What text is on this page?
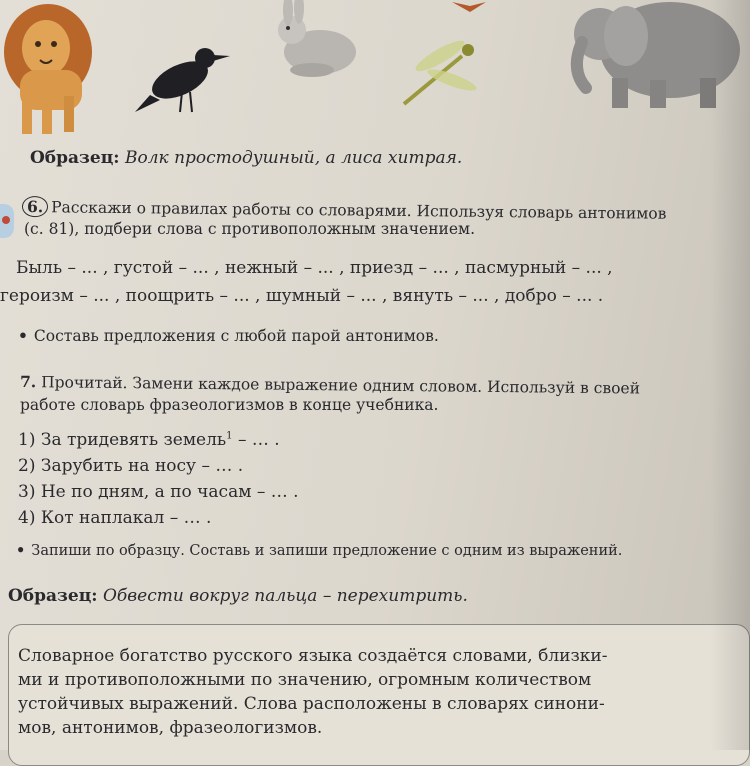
Образец: Волк простодушный, а лиса хитрая.
6. Расскажи о правилах работы со словарями. Используя словарь антонимов
(с. 81), подбери слова с противоположным значением.
Быль – ... , густой – ... , нежный – ... , приезд – ... , пасмурный – ... ,
героизм – ... , поощрить – ... , шумный – ... , вянуть – ... , добро – ... .
• Составь предложения с любой парой антонимов.
7. Прочитай. Замени каждое выражение одним словом. Используй в своей
работе словарь фразеологизмов в конце учебника.
1) За тридевять земель$^1$ – … .
2) Зарубить на носу – … .
3) Не по дням, а по часам – … .
4) Кот наплакал – … .
• Запиши по образцу. Составь и запиши предложение с одним из выражений.
Образец: Обвести вокруг пальца – перехитрить.
Словарное богатство русского языка создаётся словами, близки-
ми и противоположными по значению, огромным количеством
устойчивых выражений. Слова расположены в словарях синони-
мов, антонимов, фразеологизмов.
